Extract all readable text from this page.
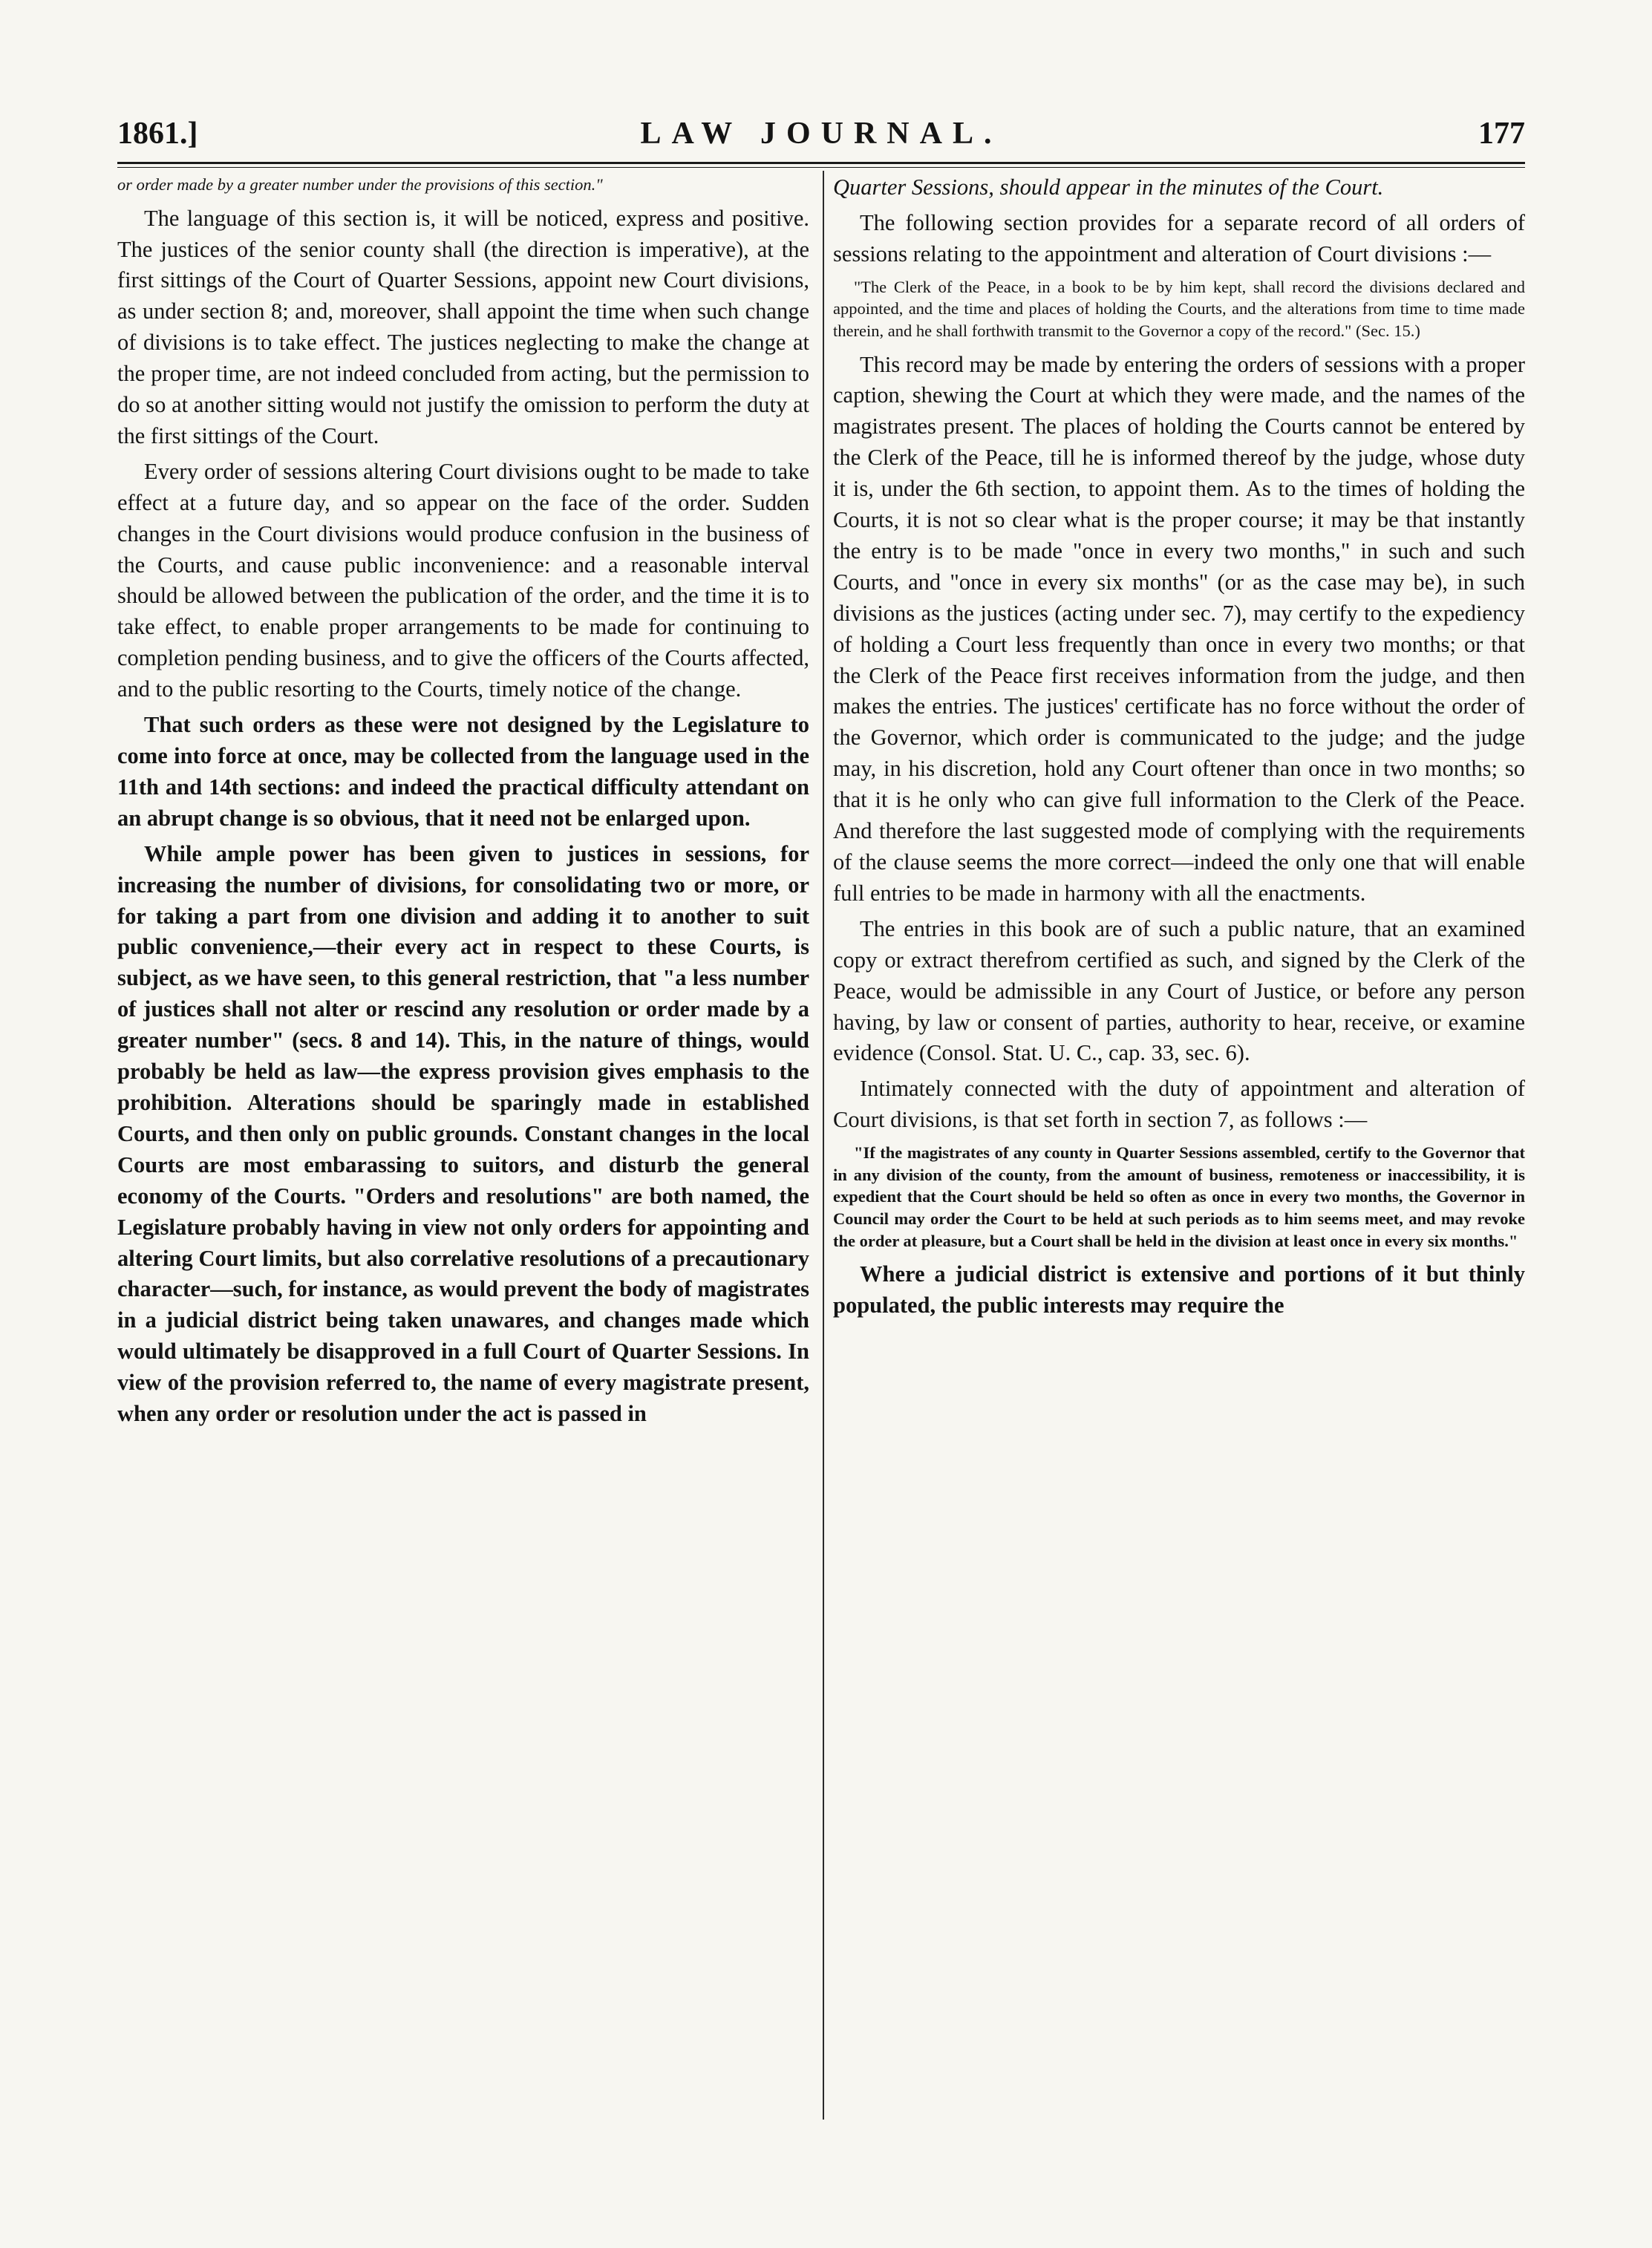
1861.]	LAW JOURNAL.	177

or order made by a greater number under the provisions of this section."

The language of this section is, it will be noticed, express and positive. The justices of the senior county shall (the direction is imperative), at the first sittings of the Court of Quarter Sessions, appoint new Court divisions, as under section 8; and, moreover, shall appoint the time when such change of divisions is to take effect. The justices neglecting to make the change at the proper time, are not indeed concluded from acting, but the permission to do so at another sitting would not justify the omission to perform the duty at the first sittings of the Court.

Every order of sessions altering Court divisions ought to be made to take effect at a future day, and so appear on the face of the order. Sudden changes in the Court divisions would produce confusion in the business of the Courts, and cause public inconvenience: and a reasonable interval should be allowed between the publication of the order, and the time it is to take effect, to enable proper arrangements to be made for continuing to completion pending business, and to give the officers of the Courts affected, and to the public resorting to the Courts, timely notice of the change.

That such orders as these were not designed by the Legislature to come into force at once, may be collected from the language used in the 11th and 14th sections: and indeed the practical difficulty attendant on an abrupt change is so obvious, that it need not be enlarged upon.

While ample power has been given to justices in sessions, for increasing the number of divisions, for consolidating two or more, or for taking a part from one division and adding it to another to suit public convenience,—their every act in respect to these Courts, is subject, as we have seen, to this general restriction, that "a less number of justices shall not alter or rescind any resolution or order made by a greater number" (secs. 8 and 14). This, in the nature of things, would probably be held as law—the express provision gives emphasis to the prohibition. Alterations should be sparingly made in established Courts, and then only on public grounds. Constant changes in the local Courts are most embarassing to suitors, and disturb the general economy of the Courts. "Orders and resolutions" are both named, the Legislature probably having in view not only orders for appointing and altering Court limits, but also correlative resolutions of a precautionary character—such, for instance, as would prevent the body of magistrates in a judicial district being taken unawares, and changes made which would ultimately be disapproved in a full Court of Quarter Sessions. In view of the provision referred to, the name of every magistrate present, when any order or resolution under the act is passed in

Quarter Sessions, should appear in the minutes of the Court.

The following section provides for a separate record of all orders of sessions relating to the appointment and alteration of Court divisions :—

"The Clerk of the Peace, in a book to be by him kept, shall record the divisions declared and appointed, and the time and places of holding the Courts, and the alterations from time to time made therein, and he shall forthwith transmit to the Governor a copy of the record." (Sec. 15.)

This record may be made by entering the orders of sessions with a proper caption, shewing the Court at which they were made, and the names of the magistrates present. The places of holding the Courts cannot be entered by the Clerk of the Peace, till he is informed thereof by the judge, whose duty it is, under the 6th section, to appoint them. As to the times of holding the Courts, it is not so clear what is the proper course; it may be that instantly the entry is to be made "once in every two months," in such and such Courts, and "once in every six months" (or as the case may be), in such divisions as the justices (acting under sec. 7), may certify to the expediency of holding a Court less frequently than once in every two months; or that the Clerk of the Peace first receives information from the judge, and then makes the entries. The justices' certificate has no force without the order of the Governor, which order is communicated to the judge; and the judge may, in his discretion, hold any Court oftener than once in two months; so that it is he only who can give full information to the Clerk of the Peace. And therefore the last suggested mode of complying with the requirements of the clause seems the more correct—indeed the only one that will enable full entries to be made in harmony with all the enactments.

The entries in this book are of such a public nature, that an examined copy or extract therefrom certified as such, and signed by the Clerk of the Peace, would be admissible in any Court of Justice, or before any person having, by law or consent of parties, authority to hear, receive, or examine evidence (Consol. Stat. U. C., cap. 33, sec. 6).

Intimately connected with the duty of appointment and alteration of Court divisions, is that set forth in section 7, as follows :—

"If the magistrates of any county in Quarter Sessions assembled, certify to the Governor that in any division of the county, from the amount of business, remoteness or inaccessibility, it is expedient that the Court should be held so often as once in every two months, the Governor in Council may order the Court to be held at such periods as to him seems meet, and may revoke the order at pleasure, but a Court shall be held in the division at least once in every six months."

Where a judicial district is extensive and portions of it but thinly populated, the public interests may require the
